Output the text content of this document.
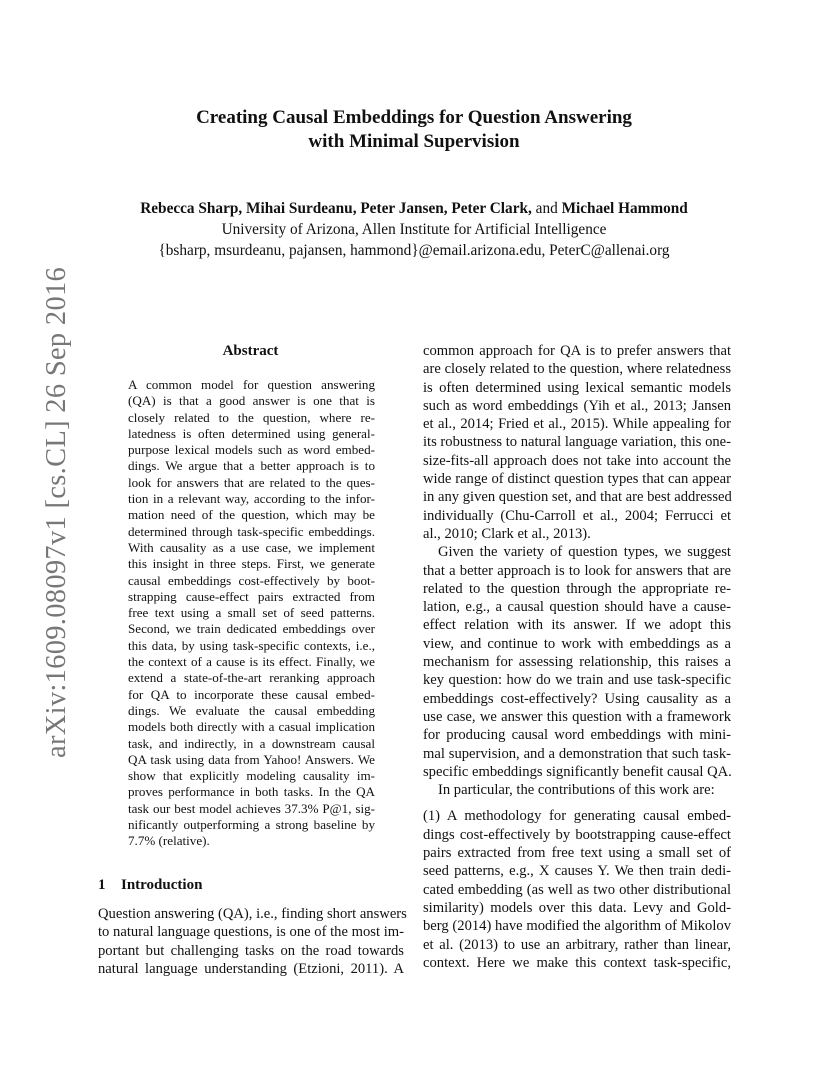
arXiv:1609.08097v1 [cs.CL] 26 Sep 2016
Creating Causal Embeddings for Question Answering
with Minimal Supervision
Rebecca Sharp, Mihai Surdeanu, Peter Jansen, Peter Clark, and Michael Hammond
University of Arizona, Allen Institute for Artificial Intelligence
{bsharp, msurdeanu, pajansen, hammond}@email.arizona.edu, PeterC@allenai.org
Abstract
A common model for question answering
(QA) is that a good answer is one that is
closely related to the question, where re-
latedness is often determined using general-
purpose lexical models such as word embed-
dings. We argue that a better approach is to
look for answers that are related to the ques-
tion in a relevant way, according to the infor-
mation need of the question, which may be
determined through task-specific embeddings.
With causality as a use case, we implement
this insight in three steps. First, we generate
causal embeddings cost-effectively by boot-
strapping cause-effect pairs extracted from
free text using a small set of seed patterns.
Second, we train dedicated embeddings over
this data, by using task-specific contexts, i.e.,
the context of a cause is its effect. Finally, we
extend a state-of-the-art reranking approach
for QA to incorporate these causal embed-
dings. We evaluate the causal embedding
models both directly with a casual implication
task, and indirectly, in a downstream causal
QA task using data from Yahoo! Answers. We
show that explicitly modeling causality im-
proves performance in both tasks. In the QA
task our best model achieves 37.3% P@1, sig-
nificantly outperforming a strong baseline by
7.7% (relative).
1 Introduction
Question answering (QA), i.e., finding short answers
to natural language questions, is one of the most im-
portant but challenging tasks on the road towards
natural language understanding (Etzioni, 2011). A

common approach for QA is to prefer answers that
are closely related to the question, where relatedness
is often determined using lexical semantic models
such as word embeddings (Yih et al., 2013; Jansen
et al., 2014; Fried et al., 2015). While appealing for
its robustness to natural language variation, this one-
size-fits-all approach does not take into account the
wide range of distinct question types that can appear
in any given question set, and that are best addressed
individually (Chu-Carroll et al., 2004; Ferrucci et
al., 2010; Clark et al., 2013).

Given the variety of question types, we suggest
that a better approach is to look for answers that are
related to the question through the appropriate re-
lation, e.g., a causal question should have a cause-
effect relation with its answer. If we adopt this
view, and continue to work with embeddings as a
mechanism for assessing relationship, this raises a
key question: how do we train and use task-specific
embeddings cost-effectively? Using causality as a
use case, we answer this question with a framework
for producing causal word embeddings with mini-
mal supervision, and a demonstration that such task-
specific embeddings significantly benefit causal QA.

In particular, the contributions of this work are:

(1) A methodology for generating causal embed-
dings cost-effectively by bootstrapping cause-effect
pairs extracted from free text using a small set of
seed patterns, e.g., X causes Y. We then train dedi-
cated embedding (as well as two other distributional
similarity) models over this data. Levy and Gold-
berg (2014) have modified the algorithm of Mikolov
et al. (2013) to use an arbitrary, rather than linear,
context. Here we make this context task-specific,
